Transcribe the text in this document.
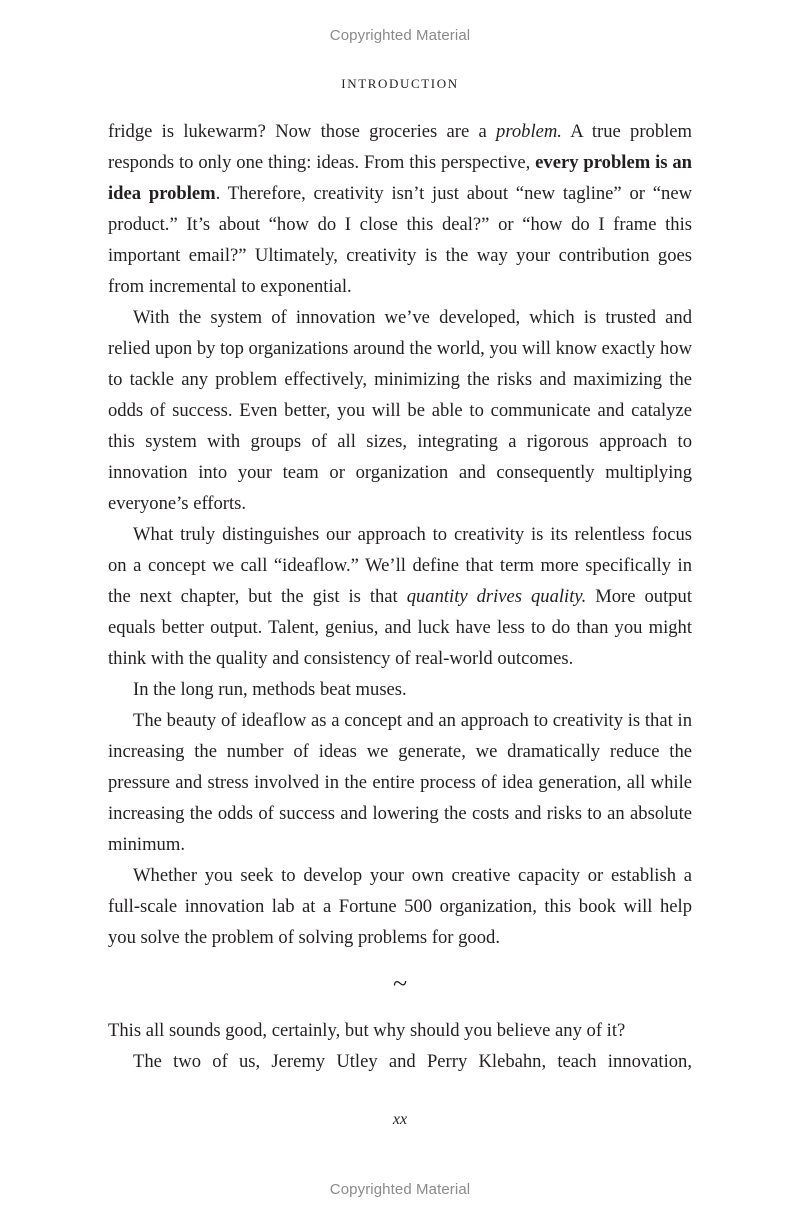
Copyrighted Material
INTRODUCTION

fridge is lukewarm? Now those groceries are a problem. A true problem responds to only one thing: ideas. From this perspective, every problem is an idea problem. Therefore, creativity isn’t just about “new tagline” or “new product.” It’s about “how do I close this deal?” or “how do I frame this important email?” Ultimately, creativity is the way your contribution goes from incremental to exponential.

With the system of innovation we’ve developed, which is trusted and relied upon by top organizations around the world, you will know exactly how to tackle any problem effectively, minimizing the risks and maximizing the odds of success. Even better, you will be able to communicate and catalyze this system with groups of all sizes, integrating a rigorous approach to innovation into your team or organization and consequently multiplying everyone’s efforts.

What truly distinguishes our approach to creativity is its relentless focus on a concept we call “ideaflow.” We’ll define that term more specifically in the next chapter, but the gist is that quantity drives quality. More output equals better output. Talent, genius, and luck have less to do than you might think with the quality and consistency of real-world outcomes.

In the long run, methods beat muses.

The beauty of ideaflow as a concept and an approach to creativity is that in increasing the number of ideas we generate, we dramatically reduce the pressure and stress involved in the entire process of idea generation, all while increasing the odds of success and lowering the costs and risks to an absolute minimum.

Whether you seek to develop your own creative capacity or establish a full-scale innovation lab at a Fortune 500 organization, this book will help you solve the problem of solving problems for good.

~

This all sounds good, certainly, but why should you believe any of it?

The two of us, Jeremy Utley and Perry Klebahn, teach innovation,

xx
Copyrighted Material
